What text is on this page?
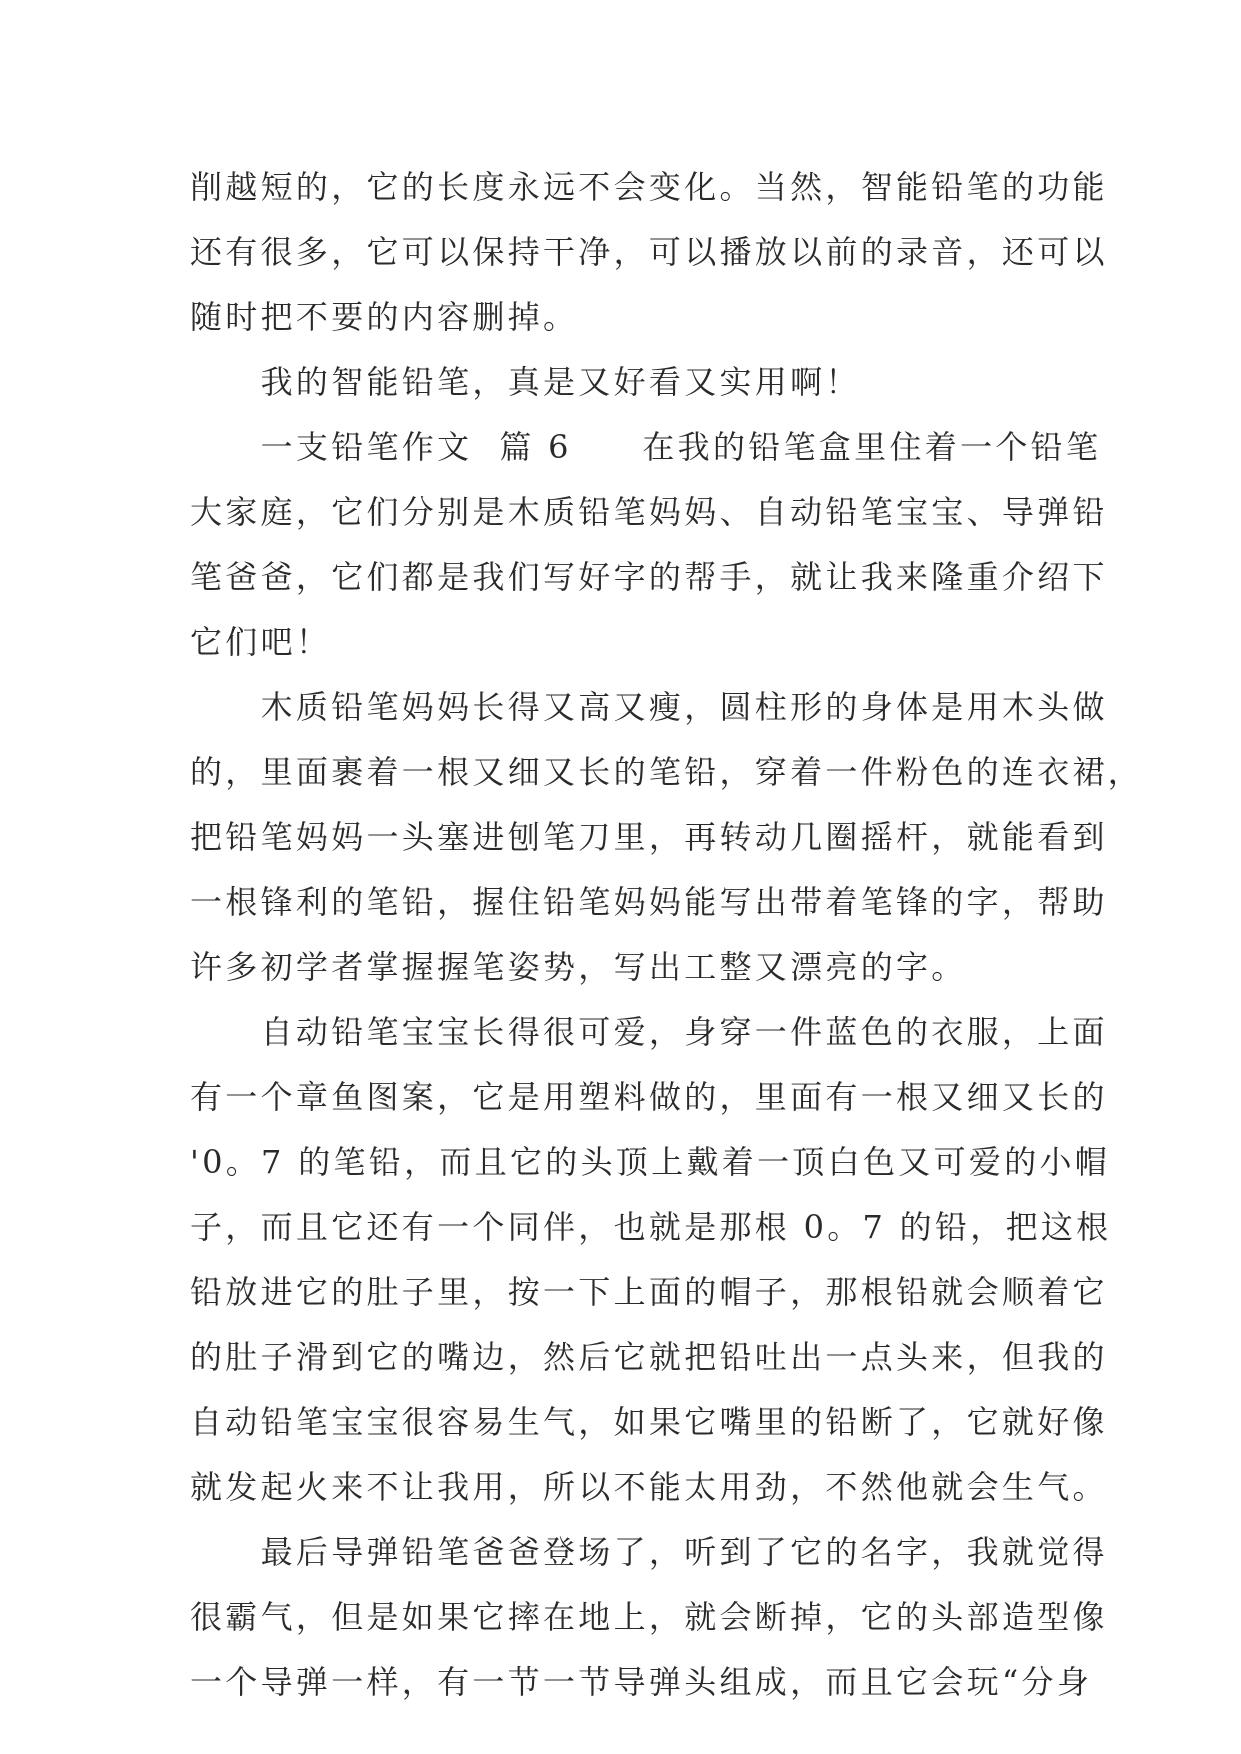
削越短的，它的长度永远不会变化。当然，智能铅笔的功能
还有很多，它可以保持干净，可以播放以前的录音，还可以
随时把不要的内容删掉。
　　我的智能铅笔，真是又好看又实用啊！
　　一支铅笔作文  篇 6　　在我的铅笔盒里住着一个铅笔
大家庭，它们分别是木质铅笔妈妈、自动铅笔宝宝、导弹铅
笔爸爸，它们都是我们写好字的帮手，就让我来隆重介绍下
它们吧！
　　木质铅笔妈妈长得又高又瘦，圆柱形的身体是用木头做
的，里面裹着一根又细又长的笔铅，穿着一件粉色的连衣裙，
把铅笔妈妈一头塞进刨笔刀里，再转动几圈摇杆，就能看到
一根锋利的笔铅，握住铅笔妈妈能写出带着笔锋的字，帮助
许多初学者掌握握笔姿势，写出工整又漂亮的字。
　　自动铅笔宝宝长得很可爱，身穿一件蓝色的衣服，上面
有一个章鱼图案，它是用塑料做的，里面有一根又细又长的
'0。7 的笔铅，而且它的头顶上戴着一顶白色又可爱的小帽
子，而且它还有一个同伴，也就是那根 0。7 的铅，把这根
铅放进它的肚子里，按一下上面的帽子，那根铅就会顺着它
的肚子滑到它的嘴边，然后它就把铅吐出一点头来，但我的
自动铅笔宝宝很容易生气，如果它嘴里的铅断了，它就好像
就发起火来不让我用，所以不能太用劲，不然他就会生气。
　　最后导弹铅笔爸爸登场了，听到了它的名字，我就觉得
很霸气，但是如果它摔在地上，就会断掉，它的头部造型像
一个导弹一样，有一节一节导弹头组成，而且它会玩“分身
